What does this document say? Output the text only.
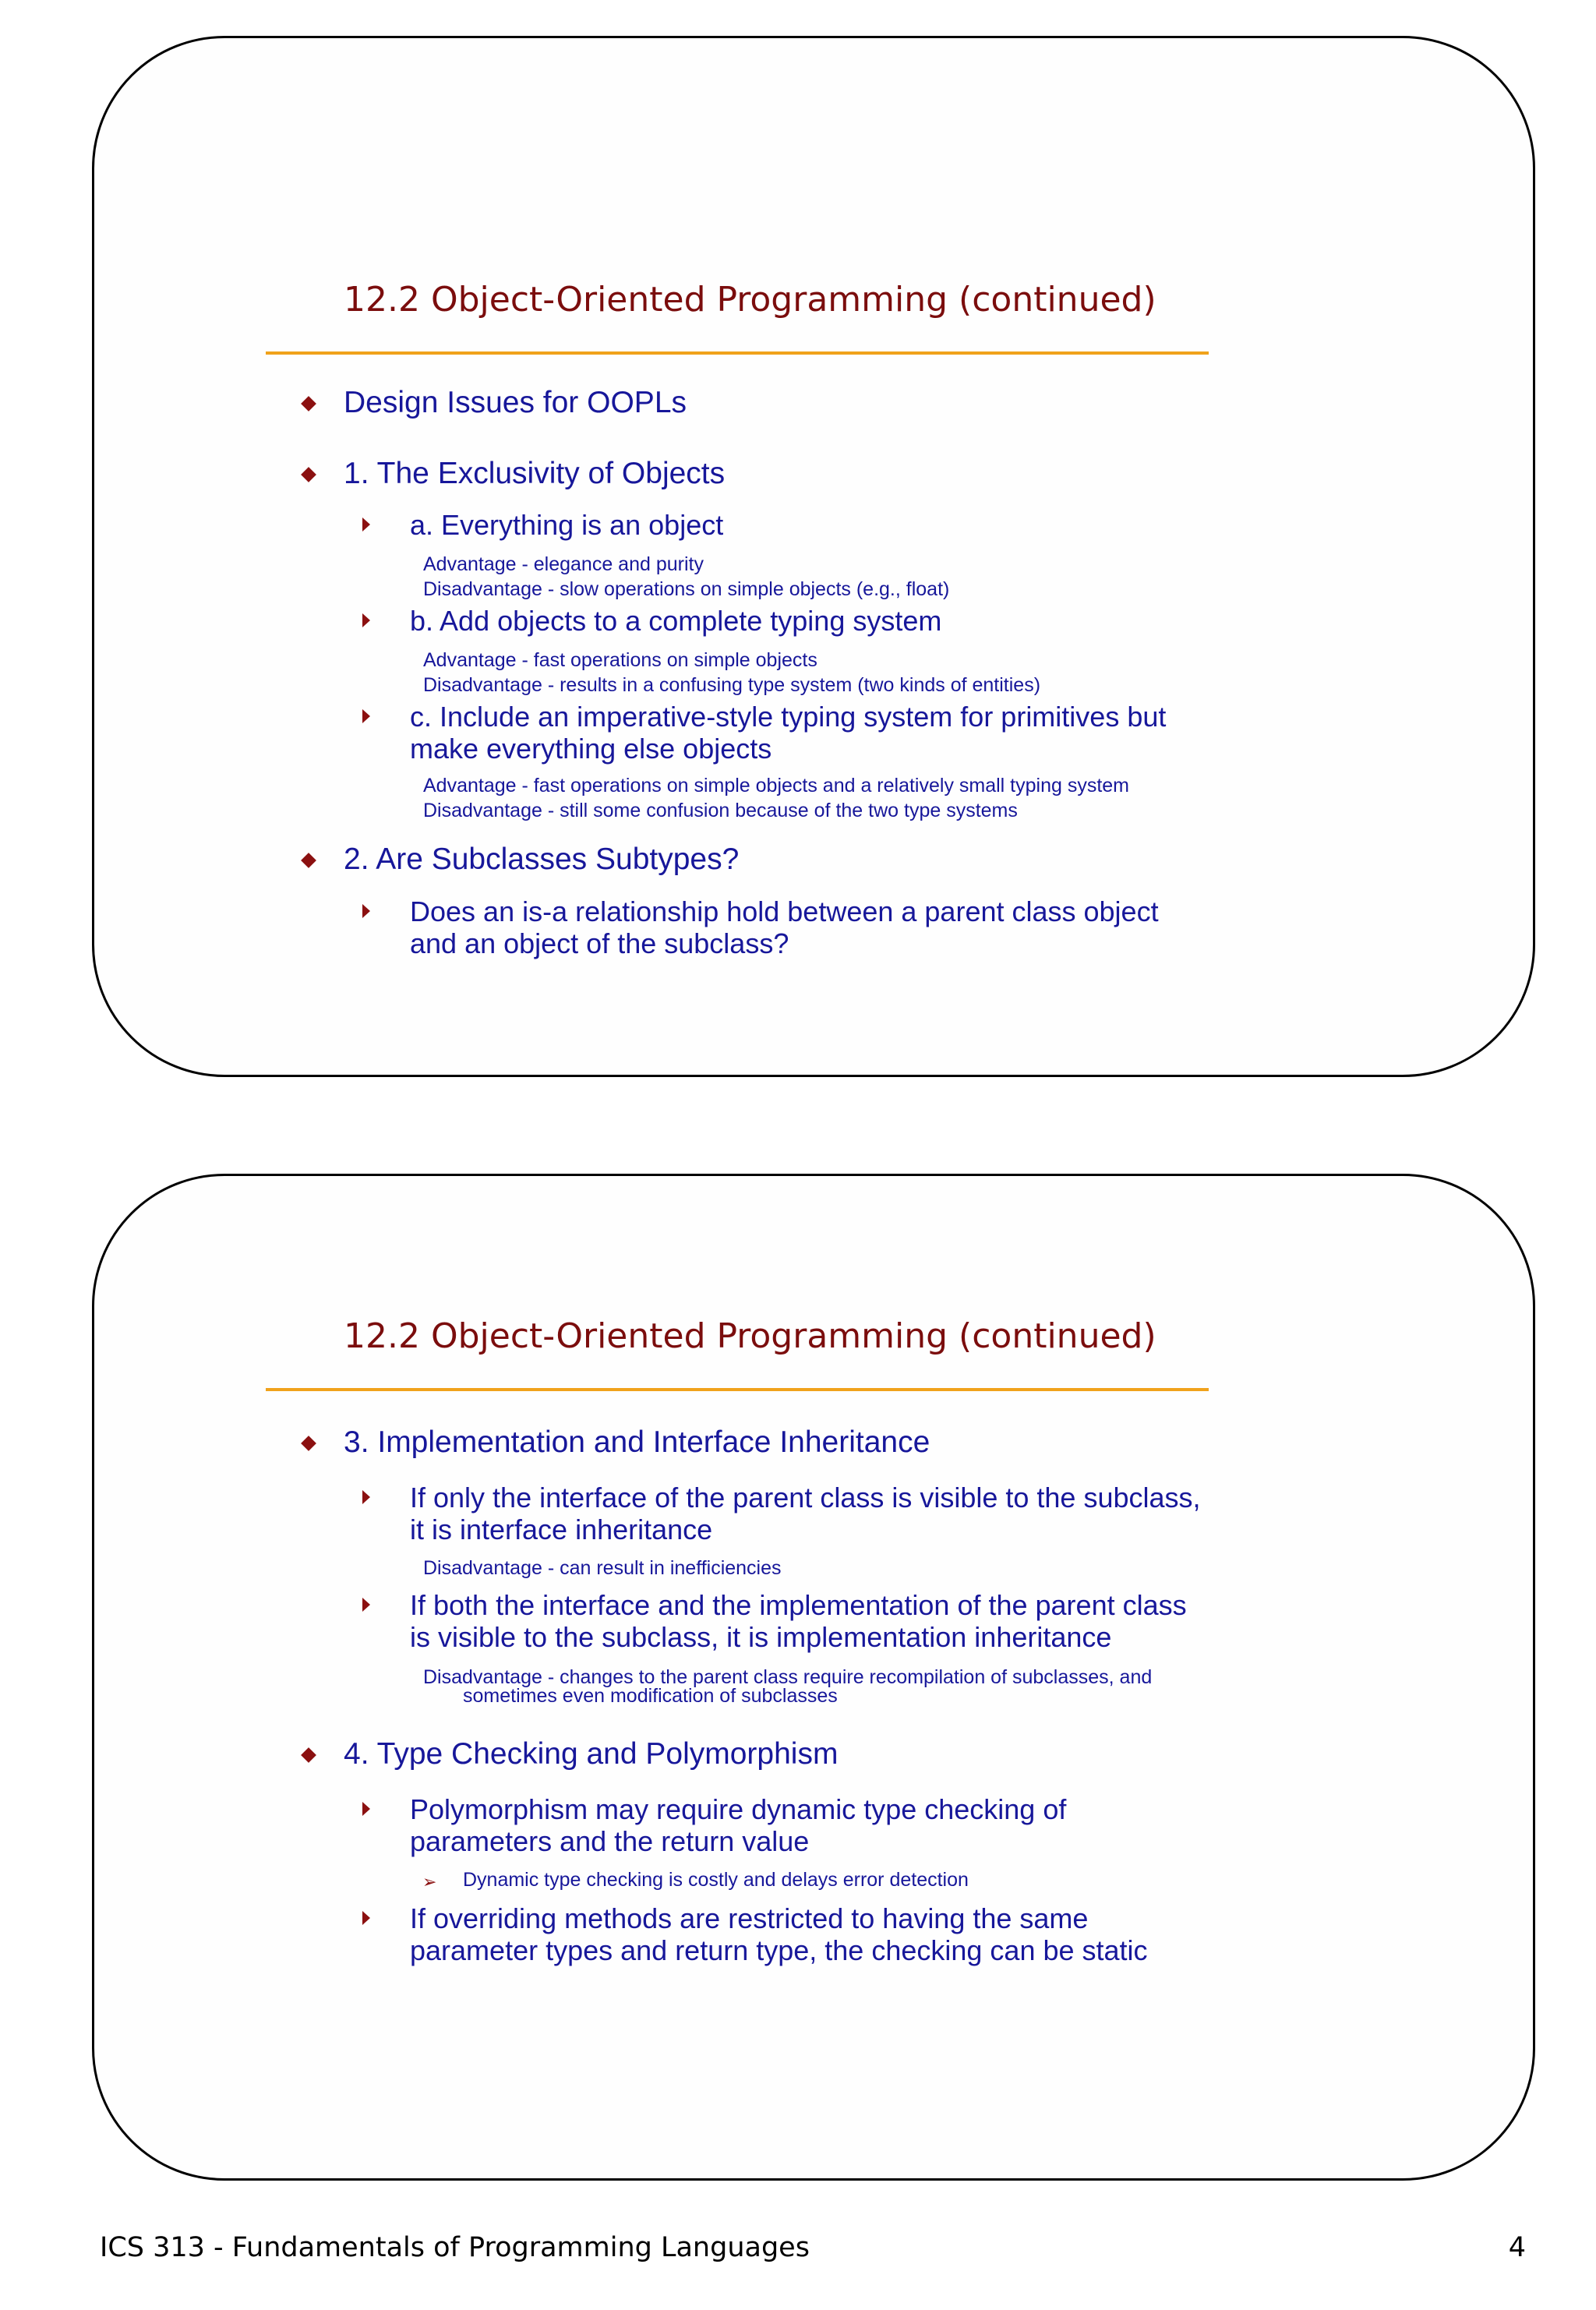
12.2 Object-Oriented Programming (continued)
Design Issues for OOPLs
1. The Exclusivity of Objects
a. Everything is an object
Advantage - elegance and purity
Disadvantage - slow operations on simple objects (e.g., float)
b. Add objects to a complete typing system
Advantage - fast operations on simple objects
Disadvantage - results in a confusing type system (two kinds of entities)
c. Include an imperative-style typing system for primitives but
make everything else objects
Advantage - fast operations on simple objects and a relatively small typing system
Disadvantage - still some confusion because of the two type systems
2. Are Subclasses Subtypes?
Does an is-a relationship hold between a parent class object
and an object of the subclass?
12.2 Object-Oriented Programming (continued)
3. Implementation and Interface Inheritance
If only the interface of the parent class is visible to the subclass,
it is interface inheritance
Disadvantage - can result in inefficiencies
If both the interface and the implementation of the parent class
is visible to the subclass, it is implementation inheritance
Disadvantage - changes to the parent class require recompilation of subclasses, and
sometimes even modification of subclasses
4. Type Checking and Polymorphism
Polymorphism may require dynamic type checking of
parameters and the return value
➢ Dynamic type checking is costly and delays error detection
If overriding methods are restricted to having the same
parameter types and return type, the checking can be static
ICS 313 - Fundamentals of Programming Languages	4
